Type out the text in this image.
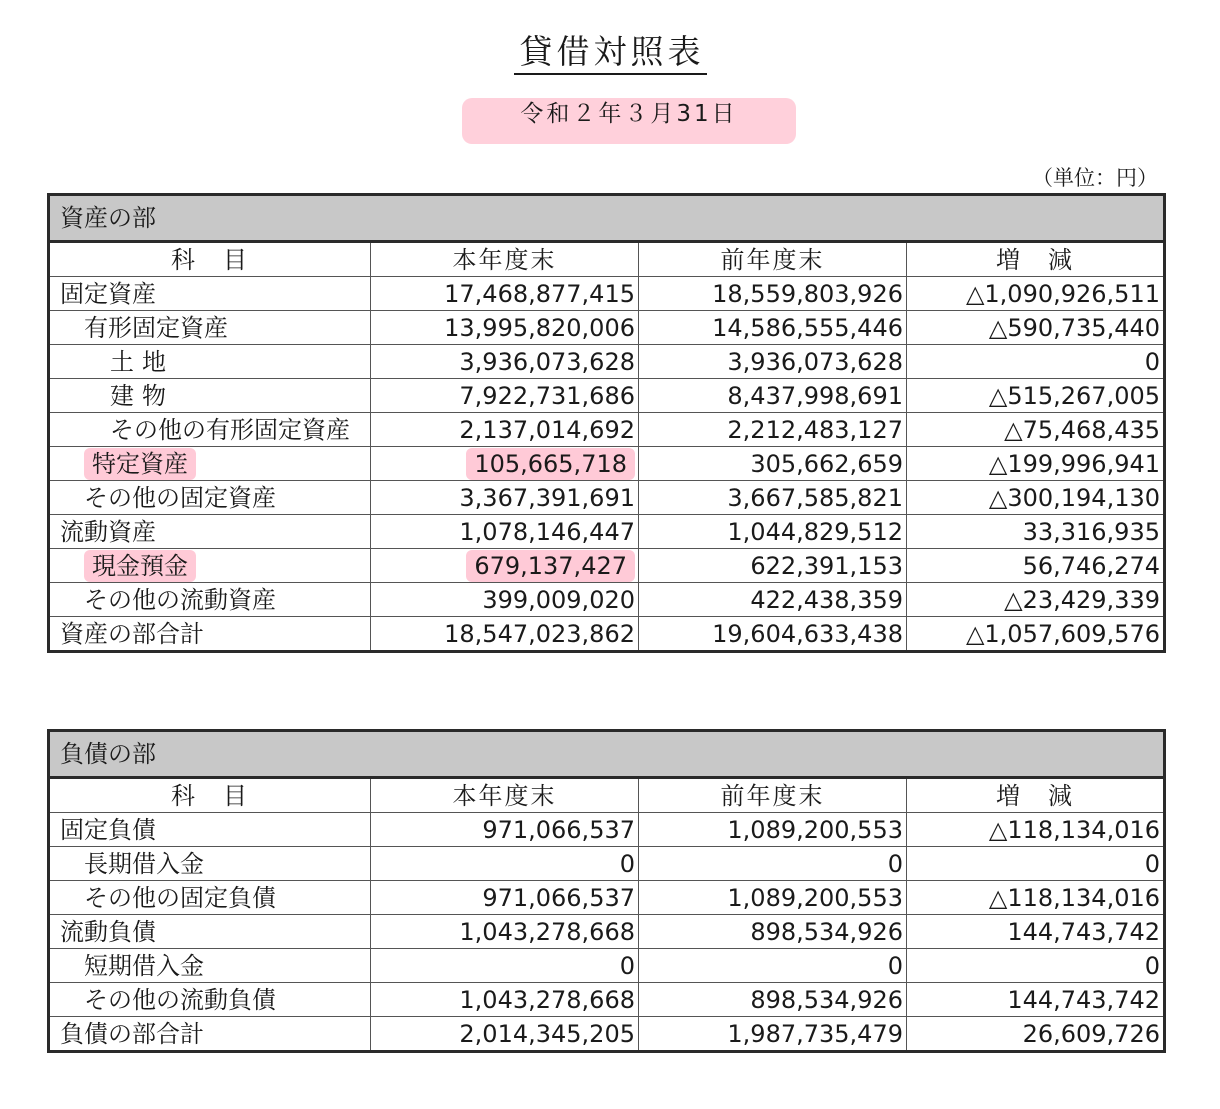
貸借対照表
令和２年３月31日
（単位：円）
資産の部			
科　目	本年度末	前年度末	増　減
固定資産	17,468,877,415	18,559,803,926	△1,090,926,511
有形固定資産	13,995,820,006	14,586,555,446	△590,735,440
土地	3,936,073,628	3,936,073,628	0
建物	7,922,731,686	8,437,998,691	△515,267,005
その他の有形固定資産	2,137,014,692	2,212,483,127	△75,468,435
特定資産	105,665,718	305,662,659	△199,996,941
その他の固定資産	3,367,391,691	3,667,585,821	△300,194,130
流動資産	1,078,146,447	1,044,829,512	33,316,935
現金預金	679,137,427	622,391,153	56,746,274
その他の流動資産	399,009,020	422,438,359	△23,429,339
資産の部合計	18,547,023,862	19,604,633,438	△1,057,609,576
負債の部			
科　目	本年度末	前年度末	増　減
固定負債	971,066,537	1,089,200,553	△118,134,016
長期借入金	0	0	0
その他の固定負債	971,066,537	1,089,200,553	△118,134,016
流動負債	1,043,278,668	898,534,926	144,743,742
短期借入金	0	0	0
その他の流動負債	1,043,278,668	898,534,926	144,743,742
負債の部合計	2,014,345,205	1,987,735,479	26,609,726
